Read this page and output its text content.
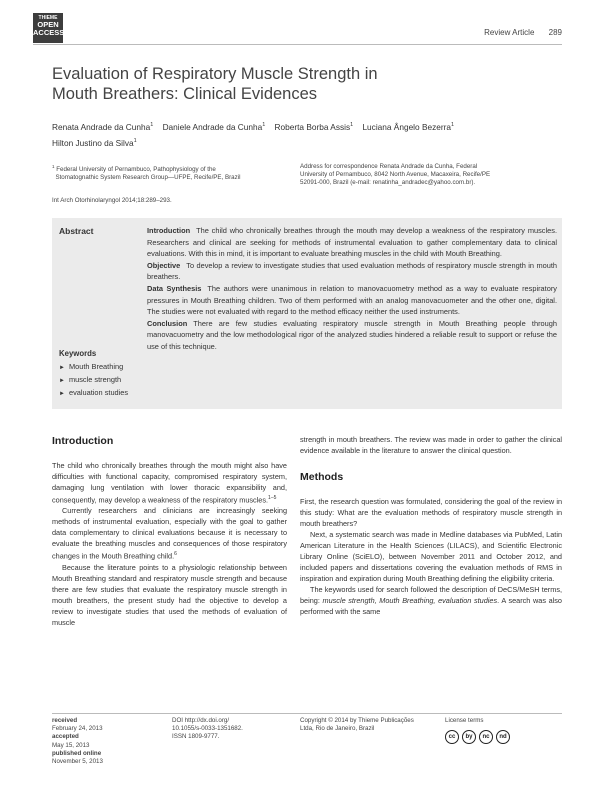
THIEME
OPEN
ACCESS	Review Article 289
Evaluation of Respiratory Muscle Strength in
Mouth Breathers: Clinical Evidences
Renata Andrade da Cunha$^1$ Daniele Andrade da Cunha$^1$ Roberta Borba Assis$^1$ Luciana Ângelo Bezerra$^1$
Hilton Justino da Silva$^1$
$^1$ Federal University of Pernambuco, Pathophysiology of the
Stomatognathic System Research Group—UFPE, Recife/PE, Brazil
Address for correspondence Renata Andrade da Cunha, Federal
University of Pernambuco, 8042 North Avenue, Macaxeira, Recife/PE
52091-000, Brazil (e-mail: renatinha_andradec@yahoo.com.br).
Int Arch Otorhinolaryngol 2014;18:289–293.
Abstract	Introduction The child who chronically breathes through the mouth may develop a weakness of the respiratory muscles. Researchers and clinical are seeking for methods of instrumental evaluation to gather complementary data to clinical evaluations. With this in mind, it is important to evaluate breathing muscles in the child with Mouth Breathing.
Objective To develop a review to investigate studies that used evaluation methods of respiratory muscle strength in mouth breathers.
Data Synthesis The authors were unanimous in relation to manovacuometry method as a way to evaluate respiratory pressures in Mouth Breathing children. Two of them performed with an analog manovacuometer and the other one, digital. The studies were not evaluated with regard to the method efficacy neither the used instruments.
Conclusion There are few studies evaluating respiratory muscle strength in Mouth Breathing people through manovacuometry and the low methodological rigor of the analyzed studies hindered a reliable result to support or refuse the use of this technique.
Keywords
► Mouth Breathing
► muscle strength
► evaluation studies
Introduction

The child who chronically breathes through the mouth might also have difficulties with functional capacity, compromised respiratory system, damaging lung ventilation with lower thoracic expansibility and, consequently, may develop a weakness of the respiratory muscles.$^{1-5}$

Currently researchers and clinicians are increasingly seeking methods of instrumental evaluation, especially with the goal to gather data complementary to clinical evaluations because it is necessary to evaluate the breathing muscles and consequences of those respiratory changes in the Mouth Breathing child.$^6$

Because the literature points to a physiologic relationship between Mouth Breathing standard and respiratory muscle strength and because there are few studies that evaluate the respiratory muscle strength in mouth breathers, the present study had the objective to develop a review to investigate studies that used the methods of evaluation of muscle

strength in mouth breathers. The review was made in order to gather the clinical evidence available in the literature to answer the clinical question.

Methods

First, the research question was formulated, considering the goal of the review in this study: What are the evaluation methods of respiratory muscle strength in mouth breathers?

Next, a systematic search was made in Medline databases via PubMed, Latin American Literature in the Health Sciences (LILACS), and Scientific Electronic Library Online (SciELO), between November 2011 and October 2012, and included papers and dissertations covering the evaluation methods of RMS in inspiration and expiration during Mouth Breathing defining the eligibility criteria.

The keywords used for search followed the description of DeCS/MeSH terms, being: muscle strength, Mouth Breathing, evaluation studies. A search was also performed with the same

received
February 24, 2013
accepted
May 15, 2013
published online
November 5, 2013
DOI http://dx.doi.org/
10.1055/s-0033-1351682.
ISSN 1809-9777.
Copyright © 2014 by Thieme Publicações
Ltda, Rio de Janeiro, Brazil
License terms
cc	by	nc	nd
